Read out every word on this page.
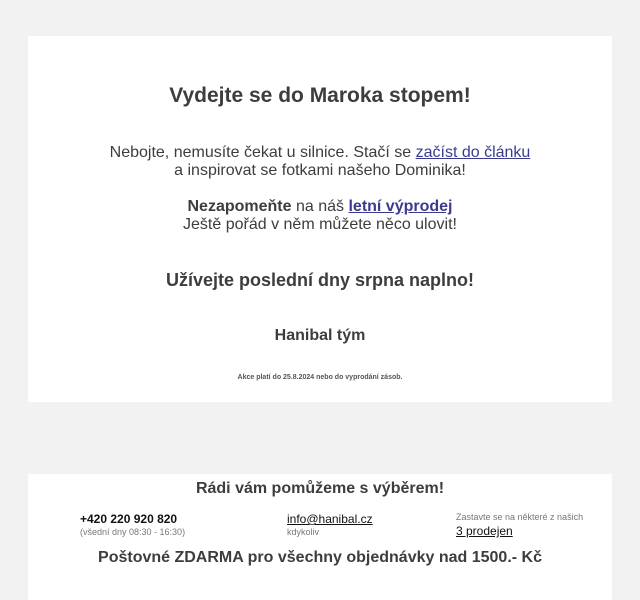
Vydejte se do Maroka stopem!
Nebojte, nemusíte čekat u silnice. Stačí se začíst do článku
a inspirovat se fotkami našeho Dominika!
Nezapomeňte na náš letní výprodej
Ještě pořád v něm můžete něco ulovit!
Užívejte poslední dny srpna naplno!
Hanibal tým
Akce platí do 25.8.2024 nebo do vyprodání zásob.
Rádi vám pomůžeme s výběrem!
+420 220 920 820
(všední dny 08:30 - 16:30)
info@hanibal.cz
kdykoliv
Zastavte se na některé z našich
3 prodejen
Poštovné ZDARMA pro všechny objednávky nad 1500.- Kč
